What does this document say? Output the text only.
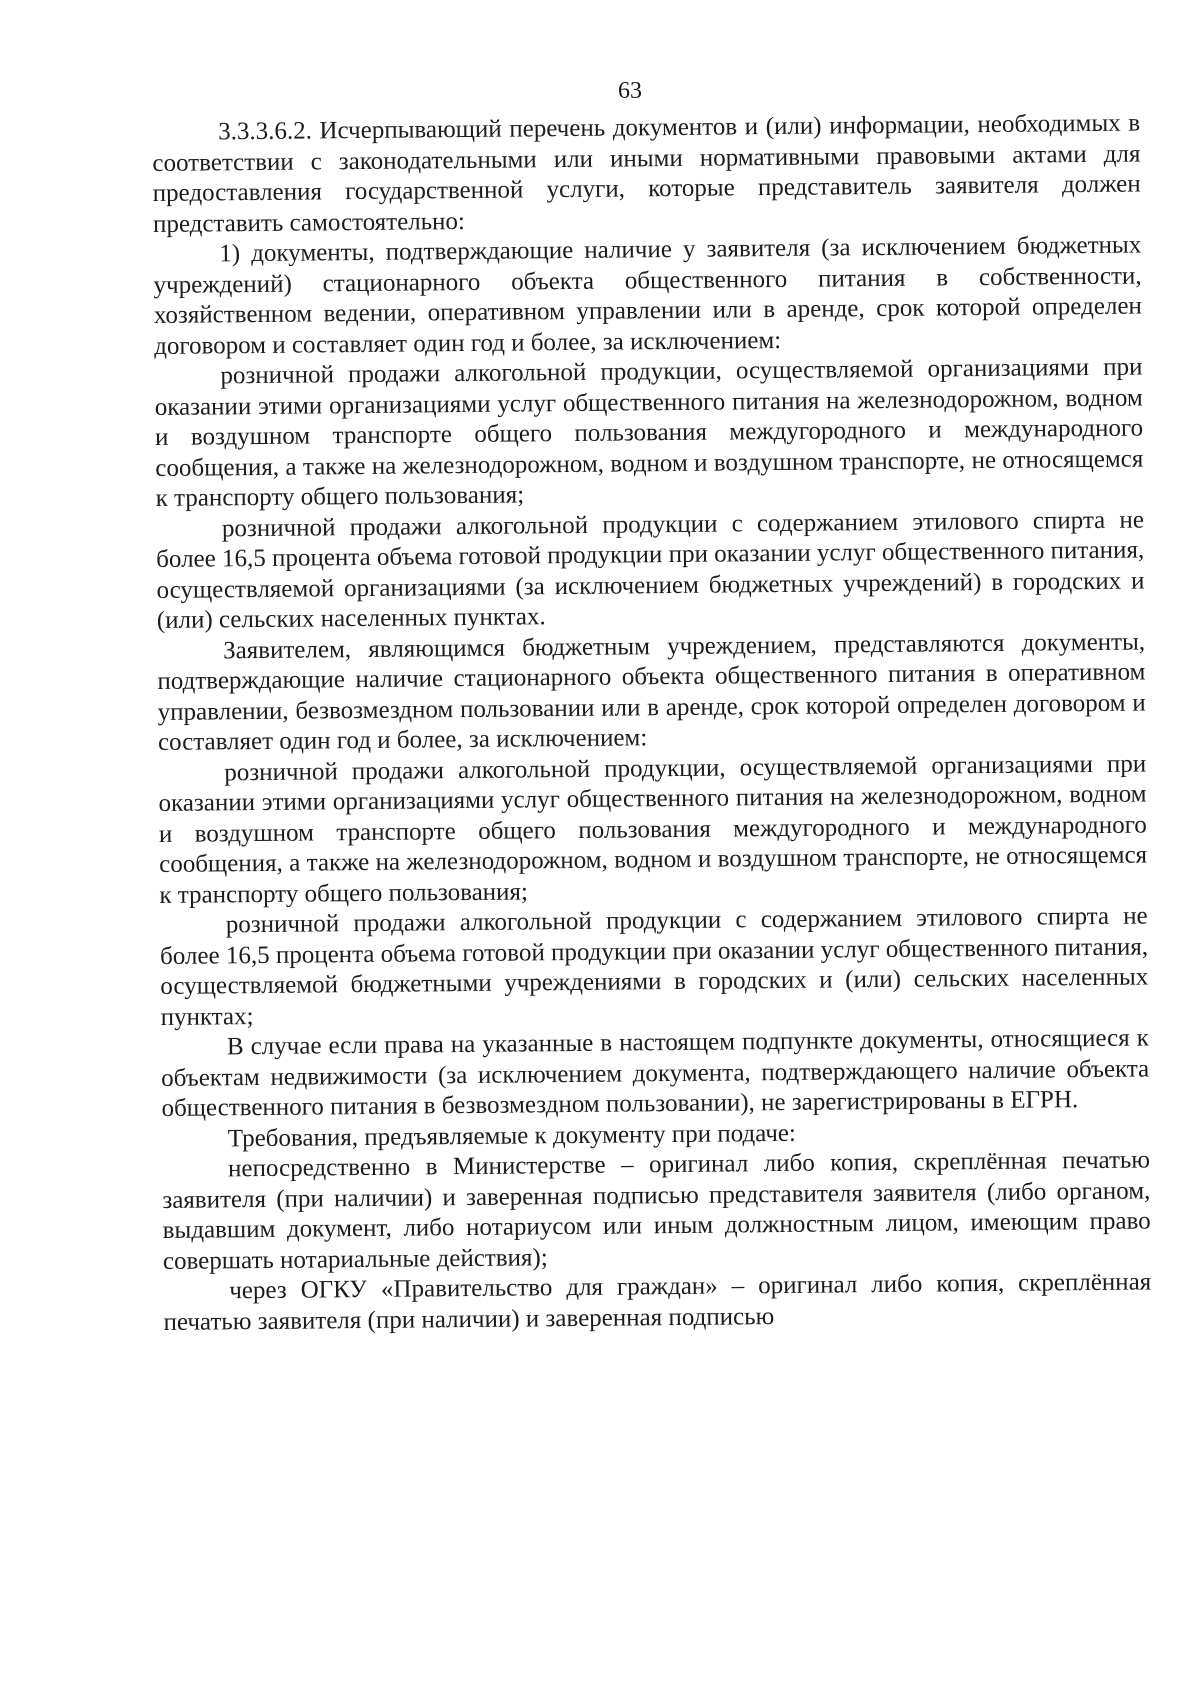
63

3.3.3.6.2. Исчерпывающий перечень документов и (или) информации, необходимых в соответствии с законодательными или иными нормативными правовыми актами для предоставления государственной услуги, которые представитель заявителя должен представить самостоятельно:

1) документы, подтверждающие наличие у заявителя (за исключением бюджетных учреждений) стационарного объекта общественного питания в собственности, хозяйственном ведении, оперативном управлении или в аренде, срок которой определен договором и составляет один год и более, за исключением:

розничной продажи алкогольной продукции, осуществляемой организациями при оказании этими организациями услуг общественного питания на железнодорожном, водном и воздушном транспорте общего пользования междугородного и международного сообщения, а также на железнодорожном, водном и воздушном транспорте, не относящемся к транспорту общего пользования;

розничной продажи алкогольной продукции с содержанием этилового спирта не более 16,5 процента объема готовой продукции при оказании услуг общественного питания, осуществляемой организациями (за исключением бюджетных учреждений) в городских и (или) сельских населенных пунктах.

Заявителем, являющимся бюджетным учреждением, представляются документы, подтверждающие наличие стационарного объекта общественного питания в оперативном управлении, безвозмездном пользовании или в аренде, срок которой определен договором и составляет один год и более, за исключением:

розничной продажи алкогольной продукции, осуществляемой организациями при оказании этими организациями услуг общественного питания на железнодорожном, водном и воздушном транспорте общего пользования междугородного и международного сообщения, а также на железнодорожном, водном и воздушном транспорте, не относящемся к транспорту общего пользования;

розничной продажи алкогольной продукции с содержанием этилового спирта не более 16,5 процента объема готовой продукции при оказании услуг общественного питания, осуществляемой бюджетными учреждениями в городских и (или) сельских населенных пунктах;

В случае если права на указанные в настоящем подпункте документы, относящиеся к объектам недвижимости (за исключением документа, подтверждающего наличие объекта общественного питания в безвозмездном пользовании), не зарегистрированы в ЕГРН.

Требования, предъявляемые к документу при подаче:

непосредственно в Министерстве – оригинал либо копия, скреплённая печатью заявителя (при наличии) и заверенная подписью представителя заявителя (либо органом, выдавшим документ, либо нотариусом или иным должностным лицом, имеющим право совершать нотариальные действия);

через ОГКУ «Правительство для граждан» – оригинал либо копия, скреплённая печатью заявителя (при наличии) и заверенная подписью
